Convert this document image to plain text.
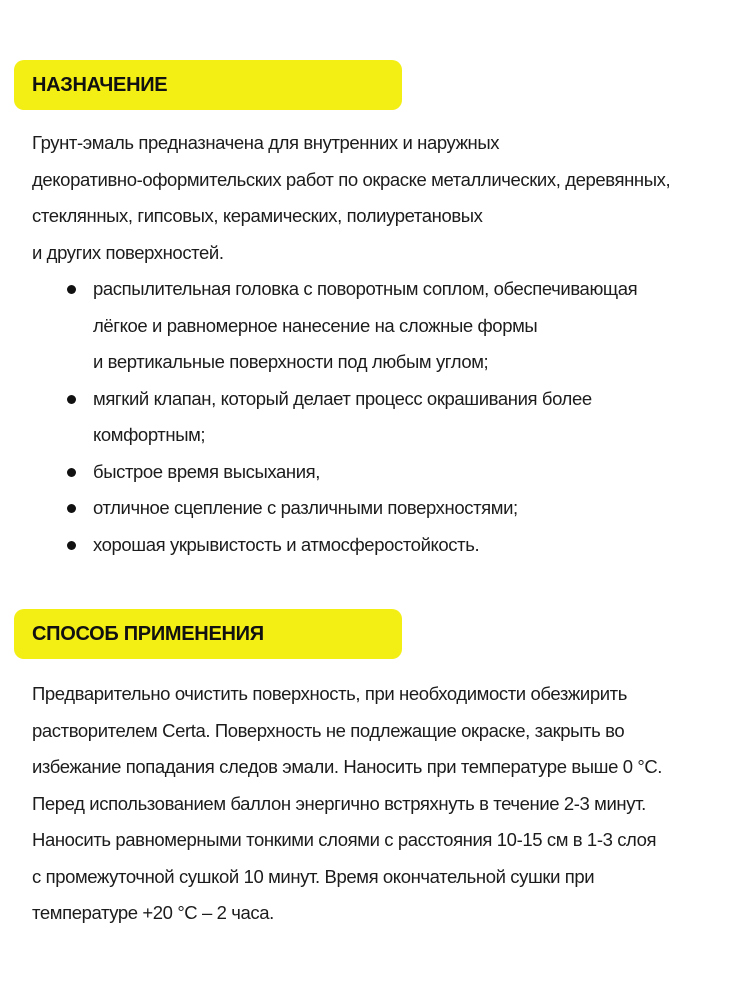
НАЗНАЧЕНИЕ
Грунт-эмаль предназначена для внутренних и наружных
декоративно-оформительских работ по окраске металлических, деревянных,
стеклянных, гипсовых, керамических, полиуретановых
и других поверхностей.
распылительная головка с поворотным соплом, обеспечивающая
лёгкое и равномерное нанесение на сложные формы
и вертикальные поверхности под любым углом;
мягкий клапан, который делает процесс окрашивания более
комфортным;
быстрое время высыхания,
отличное сцепление с различными поверхностями;
хорошая укрывистость и атмосферостойкость.
СПОСОБ ПРИМЕНЕНИЯ
Предварительно очистить поверхность, при необходимости обезжирить
растворителем Certa. Поверхность не подлежащие окраске, закрыть во
избежание попадания следов эмали. Наносить при температуре выше 0 °С.
Перед использованием баллон энергично встряхнуть в течение 2-3 минут.
Наносить равномерными тонкими слоями с расстояния 10-15 см в 1-3 слоя
с промежуточной сушкой 10 минут. Время окончательной сушки при
температуре +20 °С – 2 часа.
